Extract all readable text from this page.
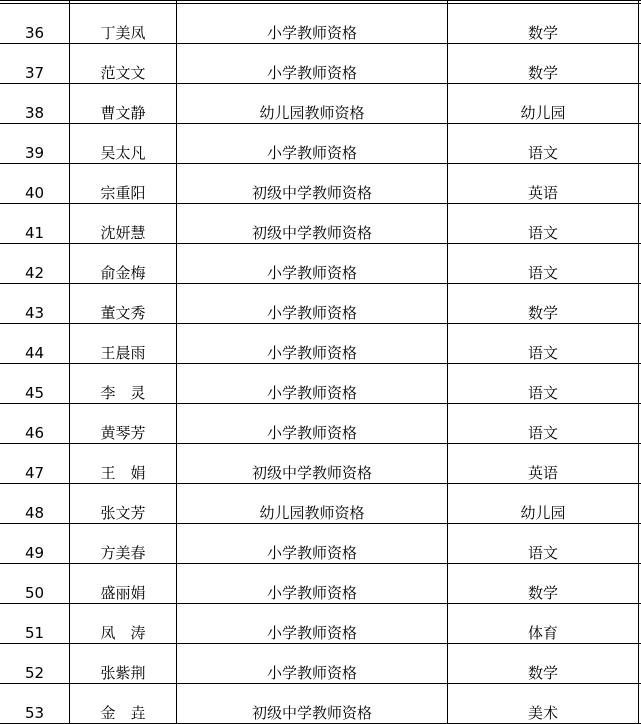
36	丁美凤	小学教师资格	数学
37	范文文	小学教师资格	数学
38	曹文静	幼儿园教师资格	幼儿园
39	吴太凡	小学教师资格	语文
40	宗重阳	初级中学教师资格	英语
41	沈妍慧	初级中学教师资格	语文
42	俞金梅	小学教师资格	语文
43	董文秀	小学教师资格	数学
44	王晨雨	小学教师资格	语文
45	李　灵	小学教师资格	语文
46	黄琴芳	小学教师资格	语文
47	王　娟	初级中学教师资格	英语
48	张文芳	幼儿园教师资格	幼儿园
49	方美春	小学教师资格	语文
50	盛丽娟	小学教师资格	数学
51	凤　涛	小学教师资格	体育
52	张紫荆	小学教师资格	数学
53	金　垚	初级中学教师资格	美术
